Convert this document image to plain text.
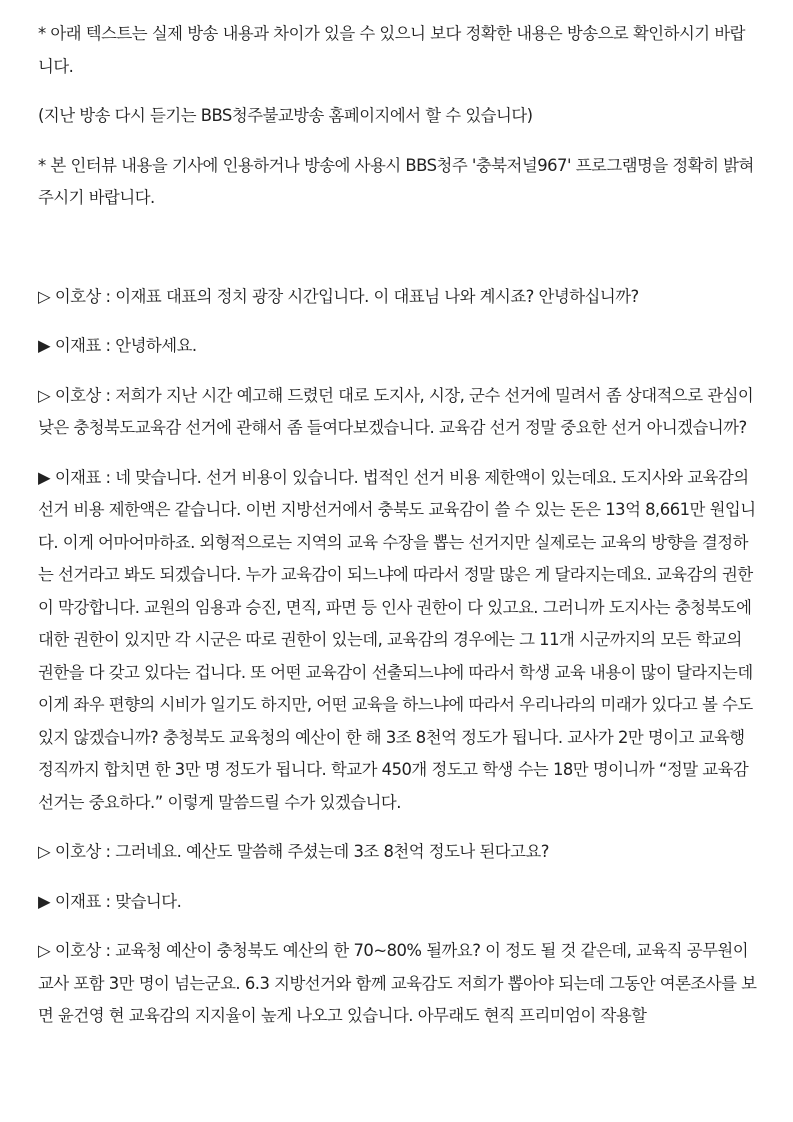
* 아래 텍스트는 실제 방송 내용과 차이가 있을 수 있으니 보다 정확한 내용은 방송으로 확인하시기 바랍니다.

(지난 방송 다시 듣기는 BBS청주불교방송 홈페이지에서 할 수 있습니다)

* 본 인터뷰 내용을 기사에 인용하거나 방송에 사용시 BBS청주 '충북저널967' 프로그램명을 정확히 밝혀주시기 바랍니다.

▷ 이호상 : 이재표 대표의 정치 광장 시간입니다. 이 대표님 나와 계시죠? 안녕하십니까?

▶ 이재표 : 안녕하세요.

▷ 이호상 : 저희가 지난 시간 예고해 드렸던 대로 도지사, 시장, 군수 선거에 밀려서 좀 상대적으로 관심이 낮은 충청북도교육감 선거에 관해서 좀 들여다보겠습니다. 교육감 선거 정말 중요한 선거 아니겠습니까?

▶ 이재표 : 네 맞습니다. 선거 비용이 있습니다. 법적인 선거 비용 제한액이 있는데요. 도지사와 교육감의 선거 비용 제한액은 같습니다. 이번 지방선거에서 충북도 교육감이 쓸 수 있는 돈은 13억 8,661만 원입니다. 이게 어마어마하죠. 외형적으로는 지역의 교육 수장을 뽑는 선거지만 실제로는 교육의 방향을 결정하는 선거라고 봐도 되겠습니다. 누가 교육감이 되느냐에 따라서 정말 많은 게 달라지는데요. 교육감의 권한이 막강합니다. 교원의 임용과 승진, 면직, 파면 등 인사 권한이 다 있고요. 그러니까 도지사는 충청북도에 대한 권한이 있지만 각 시군은 따로 권한이 있는데, 교육감의 경우에는 그 11개 시군까지의 모든 학교의 권한을 다 갖고 있다는 겁니다. 또 어떤 교육감이 선출되느냐에 따라서 학생 교육 내용이 많이 달라지는데 이게 좌우 편향의 시비가 일기도 하지만, 어떤 교육을 하느냐에 따라서 우리나라의 미래가 있다고 볼 수도 있지 않겠습니까? 충청북도 교육청의 예산이 한 해 3조 8천억 정도가 됩니다. 교사가 2만 명이고 교육행정직까지 합치면 한 3만 명 정도가 됩니다. 학교가 450개 정도고 학생 수는 18만 명이니까 “정말 교육감 선거는 중요하다.” 이렇게 말씀드릴 수가 있겠습니다.

▷ 이호상 : 그러네요. 예산도 말씀해 주셨는데 3조 8천억 정도나 된다고요?

▶ 이재표 : 맞습니다.

▷ 이호상 : 교육청 예산이 충청북도 예산의 한 70~80% 될까요? 이 정도 될 것 같은데, 교육직 공무원이 교사 포함 3만 명이 넘는군요. 6.3 지방선거와 함께 교육감도 저희가 뽑아야 되는데 그동안 여론조사를 보면 윤건영 현 교육감의 지지율이 높게 나오고 있습니다. 아무래도 현직 프리미엄이 작용할
